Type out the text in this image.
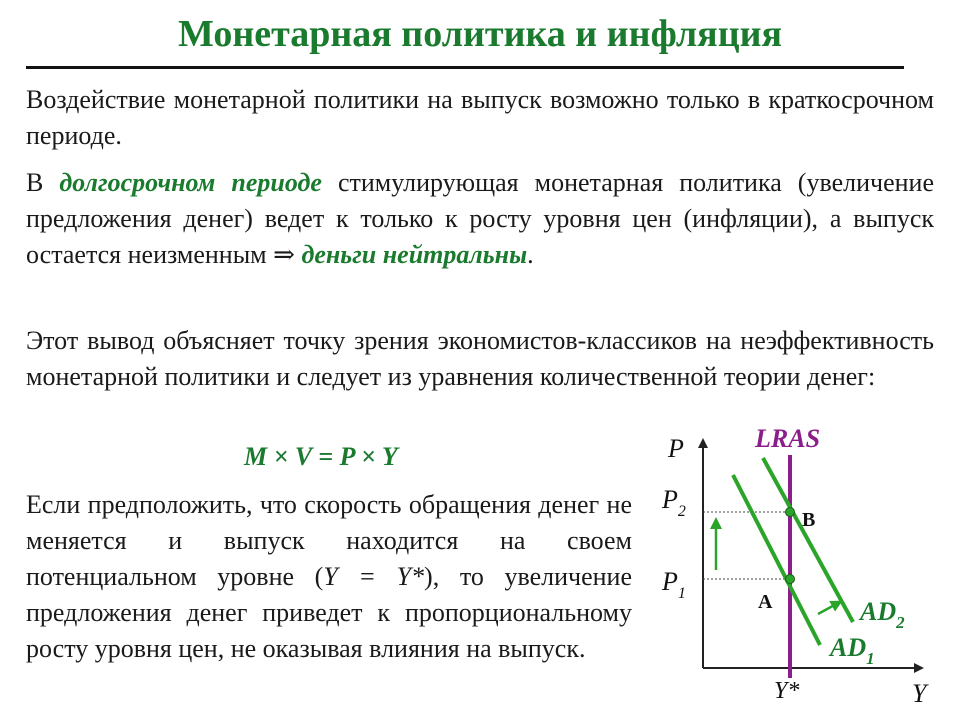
Монетарная политика и инфляция
Воздействие монетарной политики на выпуск возможно только в краткосрочном периоде.
В долгосрочном периоде стимулирующая монетарная политика (увеличение предложения денег) ведет к только к росту уровня цен (инфляции), а выпуск остается неизменным ⇒ деньги нейтральны.
Этот вывод объясняет точку зрения экономистов-классиков на неэффективность монетарной политики и следует из уравнения количественной теории денег:
M × V = P × Y
Если предположить, что скорость обращения денег не меняется и выпуск находится на своем потенциальном уровне (Y = Y*), то увеличение предложения денег приведет к пропорциональному росту уровня цен, не оказывая влияния на выпуск.
P
Y
LRAS
$P_2$
$P_1$
Y*
B
A	$AD_2$
$AD_1$
